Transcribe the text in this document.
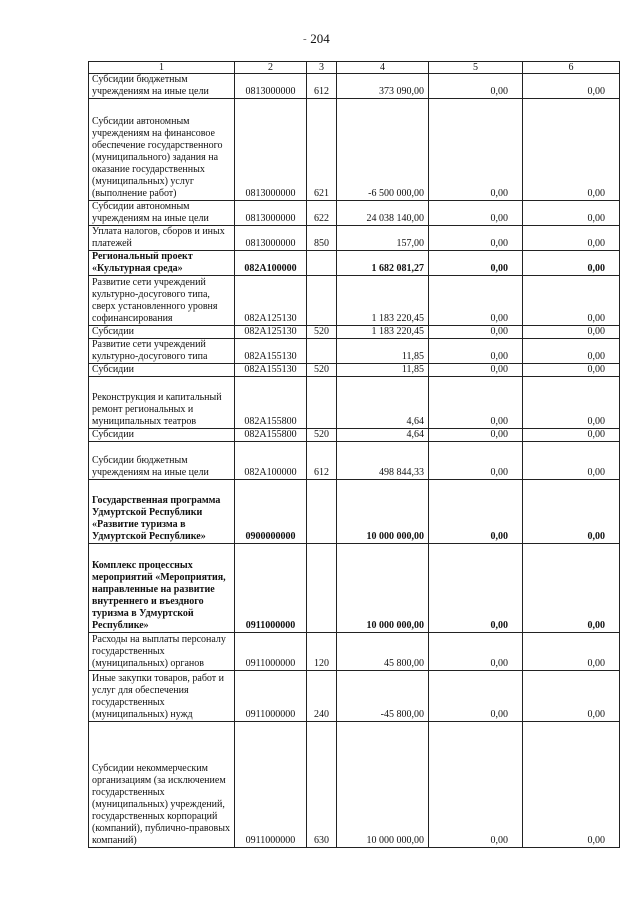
204
-
1	2	3	4	5	6
Субсидии бюджетным учреждениям на иные цели	0813000000	612	373 090,00	0,00	0,00
Субсидии автономным учреждениям на финансовое обеспечение государственного (муниципального) задания на оказание государственных (муниципальных) услуг (выполнение работ)	0813000000	621	-6 500 000,00	0,00	0,00
Субсидии автономным учреждениям на иные цели	0813000000	622	24 038 140,00	0,00	0,00
Уплата налогов, сборов и иных платежей	0813000000	850	157,00	0,00	0,00
Региональный проект «Культурная среда»	082A100000		1 682 081,27	0,00	0,00
Развитие сети учреждений культурно-досугового типа, сверх установленного уровня софинансирования	082A125130		1 183 220,45	0,00	0,00
Субсидии	082A125130	520	1 183 220,45	0,00	0,00
Развитие сети учреждений культурно-досугового типа	082A155130		11,85	0,00	0,00
Субсидии	082A155130	520	11,85	0,00	0,00
Реконструкция и капитальный ремонт региональных и муниципальных театров	082A155800		4,64	0,00	0,00
Субсидии	082A155800	520	4,64	0,00	0,00
Субсидии бюджетным учреждениям на иные цели	082A100000	612	498 844,33	0,00	0,00
Государственная программа Удмуртской Республики «Развитие туризма в Удмуртской Республике»	0900000000		10 000 000,00	0,00	0,00
Комплекс процессных мероприятий «Мероприятия, направленные на развитие внутреннего и въездного туризма в Удмуртской Республике»	0911000000		10 000 000,00	0,00	0,00
Расходы на выплаты персоналу государственных (муниципальных) органов	0911000000	120	45 800,00	0,00	0,00
Иные закупки товаров, работ и услуг для обеспечения государственных (муниципальных) нужд	0911000000	240	-45 800,00	0,00	0,00
Субсидии некоммерческим организациям (за исключением государственных (муниципальных) учреждений, государственных корпораций (компаний), публично-правовых компаний)	0911000000	630	10 000 000,00	0,00	0,00
